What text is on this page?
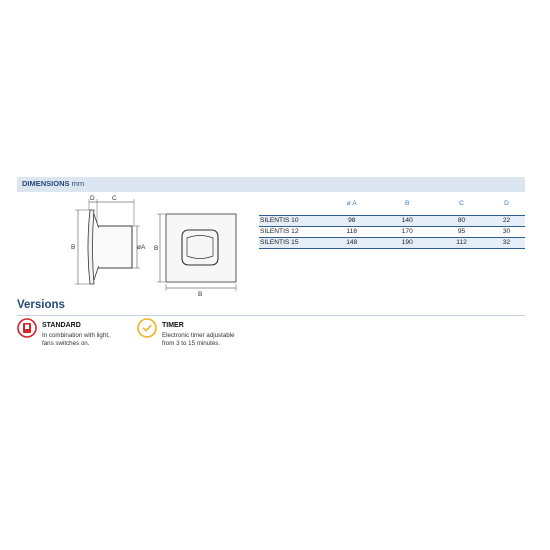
DIMENSIONS mm
D	C
B	øA B
B
	ø A	B	C	D
SILENTIS 10	98	140	80	22
SILENTIS 12	118	170	95	30
SILENTIS 15	148	190	112	32
Versions
STANDARD
In combination with light,
fans switches on.
TIMER
Electronic timer adjustable
from 3 to 15 minutes.
